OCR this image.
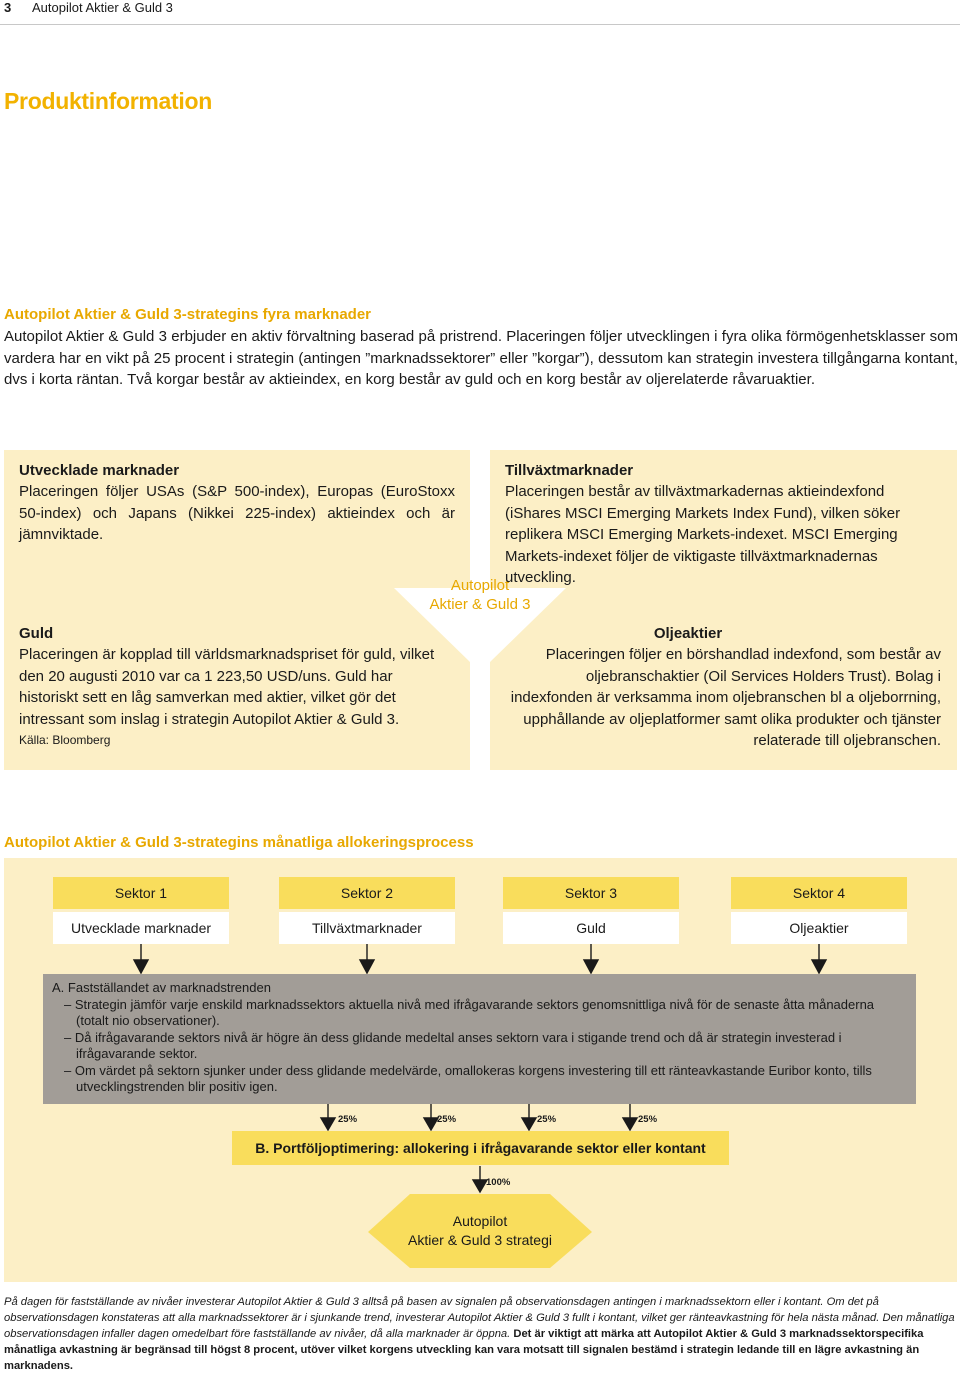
3 Autopilot Aktier & Guld 3
Produktinformation
Autopilot Aktier & Guld 3-strategins fyra marknader
Autopilot Aktier & Guld 3 erbjuder en aktiv förvaltning baserad på pristrend. Placeringen följer utvecklingen i fyra olika förmögenhetsklasser som vardera har en vikt på 25 procent i strategin (antingen ”marknadssektorer” eller ”korgar”), dessutom kan strategin investera tillgångarna kontant, dvs i korta räntan. Två korgar består av aktieindex, en korg består av guld och en korg består av oljerelaterde råvaruaktier.
Autopilot
Aktier & Guld 3
Utvecklade marknader
Placeringen följer USAs (S&P 500-index), Europas (EuroStoxx 50-index) och Japans (Nikkei 225-index) aktieindex och är jämnviktade.
Tillväxtmarknader
Placeringen består av tillväxtmarkadernas aktieindexfond (iShares MSCI Emerging Markets Index Fund), vilken söker replikera MSCI Emerging Markets-indexet. MSCI Emerging Markets-indexet följer de viktigaste tillväxtmarknadernas utveckling.
Guld
Placeringen är kopplad till världsmarknadspriset för guld, vilket den 20 augusti 2010 var ca 1 223,50 USD/uns. Guld har historiskt sett en låg samverkan med aktier, vilket gör det intressant som inslag i strategin Autopilot Aktier & Guld 3.
Källa: Bloomberg
Oljeaktier
Placeringen följer en börshandlad indexfond, som består av oljebranschaktier (Oil Services Holders Trust). Bolag i indexfonden är verksamma inom oljebranschen bl a oljeborrning, upphållande av oljeplatformer samt olika produkter och tjänster relaterade till oljebranschen.
Autopilot Aktier & Guld 3-strategins månatliga allokeringsprocess
Sektor 1	Sektor 2	Sektor 3	Sektor 4
Utvecklade marknader	Tillväxtmarknader	Guld	Oljeaktier
A. Fastställandet av marknadstrenden
– Strategin jämför varje enskild marknadssektors aktuella nivå med ifrågavarande sektors genomsnittliga nivå för de senaste åtta månaderna (totalt nio observationer).
– Då ifrågavarande sektors nivå är högre än dess glidande medeltal anses sektorn vara i stigande trend och då är strategin investerad i ifrågavarande sektor.
– Om värdet på sektorn sjunker under dess glidande medelvärde, omallokeras korgens investering till ett ränteavkastande Euribor konto, tills utvecklingstrenden blir positiv igen.
25%	25%	25%	25%
B. Portföljoptimering: allokering i ifrågavarande sektor eller kontant
100%
Autopilot
Aktier & Guld 3 strategi
På dagen för fastställande av nivåer investerar Autopilot Aktier & Guld 3 alltså på basen av signalen på observationsdagen antingen i marknadssektorn eller i kontant. Om det på observationsdagen konstateras att alla marknadssektorer är i sjunkande trend, investerar Autopilot Aktier & Guld 3 fullt i kontant, vilket ger ränteavkastning för hela nästa månad. Den månatliga observationsdagen infaller dagen omedelbart före fastställande av nivåer, då alla marknader är öppna. Det är viktigt att märka att Autopilot Aktier & Guld 3 marknadssektorspecifika månatliga avkastning är begränsad till högst 8 procent, utöver vilket korgens utveckling kan vara motsatt till signalen bestämd i strategin ledande till en lägre avkastning än marknadens.
